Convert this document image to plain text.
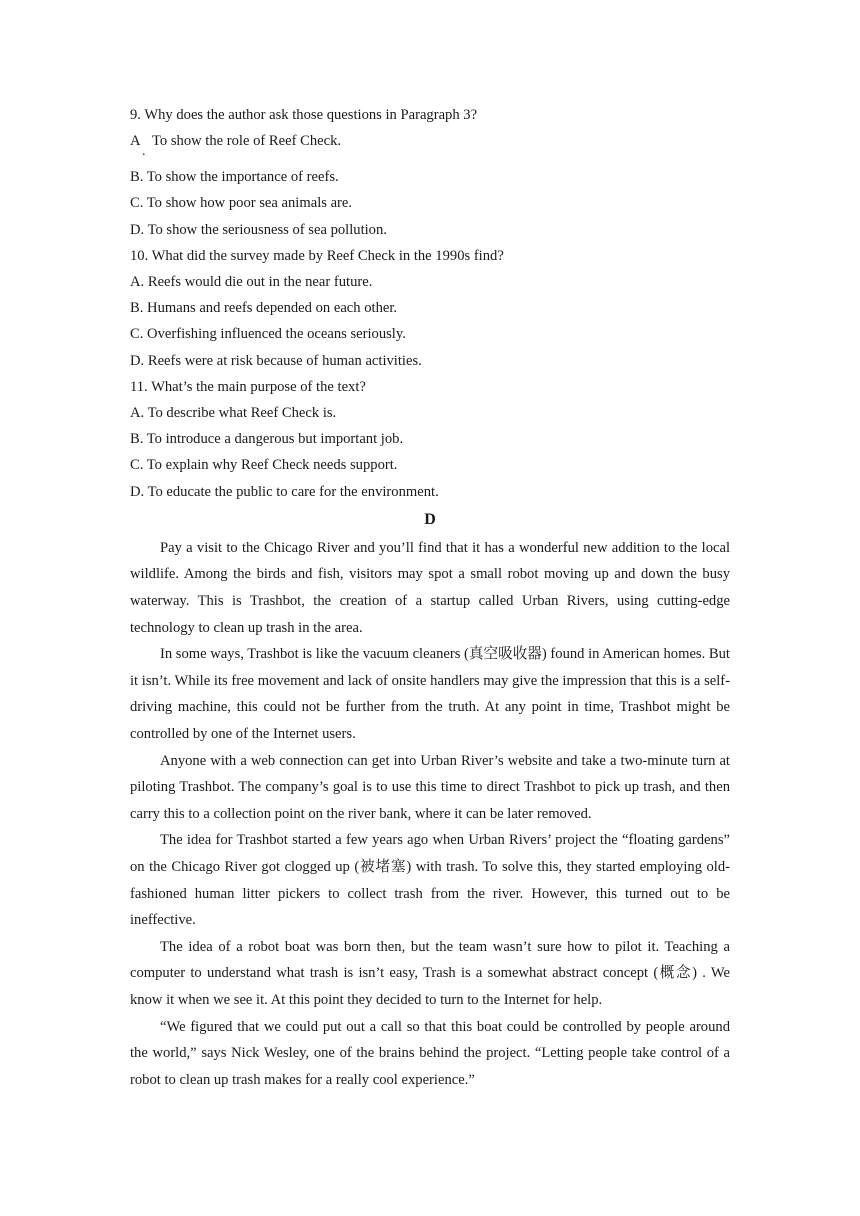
9. Why does the author ask those questions in Paragraph 3?
A
.
To show the role of Reef Check.
B. To show the importance of reefs.
C. To show how poor sea animals are.
D. To show the seriousness of sea pollution.
10. What did the survey made by Reef Check in the 1990s find?
A. Reefs would die out in the near future.
B. Humans and reefs depended on each other.
C. Overfishing influenced the oceans seriously.
D. Reefs were at risk because of human activities.
11. What’s the main purpose of the text?
A. To describe what Reef Check is.
B. To introduce a dangerous but important job.
C. To explain why Reef Check needs support.
D. To educate the public to care for the environment.
D
Pay a visit to the Chicago River and you’ll find that it has a wonderful new addition to the local wildlife. Among the birds and fish, visitors may spot a small robot moving up and down the busy waterway. This is Trashbot, the creation of a startup called Urban Rivers, using cutting-edge technology to clean up trash in the area.
In some ways, Trashbot is like the vacuum cleaners (真空吸收器) found in American homes. But it isn’t. While its free movement and lack of onsite handlers may give the impression that this is a self-driving machine, this could not be further from the truth. At any point in time, Trashbot might be controlled by one of the Internet users.
Anyone with a web connection can get into Urban River’s website and take a two-minute turn at piloting Trashbot. The company’s goal is to use this time to direct Trashbot to pick up trash, and then carry this to a collection point on the river bank, where it can be later removed.
The idea for Trashbot started a few years ago when Urban Rivers’ project the “floating gardens” on the Chicago River got clogged up (被堵塞) with trash. To solve this, they started employing old-fashioned human litter pickers to collect trash from the river. However, this turned out to be ineffective.
The idea of a robot boat was born then, but the team wasn’t sure how to pilot it. Teaching a computer to understand what trash is isn’t easy, Trash is a somewhat abstract concept (概念) . We know it when we see it. At this point they decided to turn to the Internet for help.
“We figured that we could put out a call so that this boat could be controlled by people around the world,” says Nick Wesley, one of the brains behind the project. “Letting people take control of a robot to clean up trash makes for a really cool experience.”
